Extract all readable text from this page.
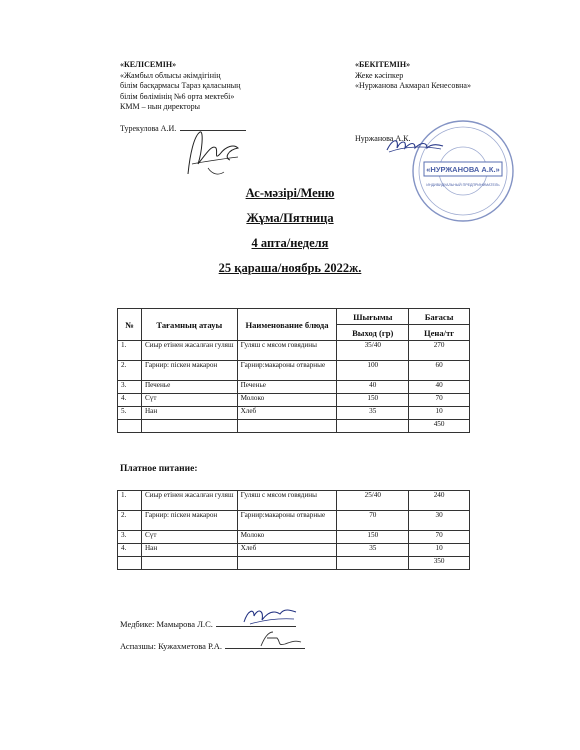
«КЕЛІСЕМІН»
«Жамбыл облысы әкімдігінің
білім басқармасы Тараз қаласының
білім бөлімінің №6 орта мектебі»
КММ – нын директоры
Турекулова А.И.
«БЕКІТЕМІН»
Жеке кәсіпкер
«Нуржанова Акмарал Кенесовна»
Нуржанова А.К.
«НУРЖАНОВА А.К.»
ИНДИВИДУАЛЬНЫЙ ПРЕДПРИНИМАТЕЛЬ
Ас-мәзірі/Меню
Жұма/Пятница
4 апта/неделя
25 қараша/ноябрь 2022ж.
№	Тағамның атауы	Наименование блюда	Шығымы	Бағасы
			Выход (гр)	Цена/тг
1.	Сиыр етінен жасалған гуляш	Гуляш с мясом говядины	35/40	270
2.	Гарнир: піскен макарон	Гарнир:макароны отварные	100	60
3.	Печенье	Печенье	40	40
4.	Сүт	Молоко	150	70
5.	Нан	Хлеб	35	10
				450
Платное питание:
1.	Сиыр етінен жасалған гуляш	Гуляш с мясом говядины	25/40	240
2.	Гарнир: піскен макарон	Гарнир:макароны отварные	70	30
3.	Сүт	Молоко	150	70
4.	Нан	Хлеб	35	10
				350
Медбике: Мамырова Л.С.
Аспазшы: Кужахметова Р.А.
